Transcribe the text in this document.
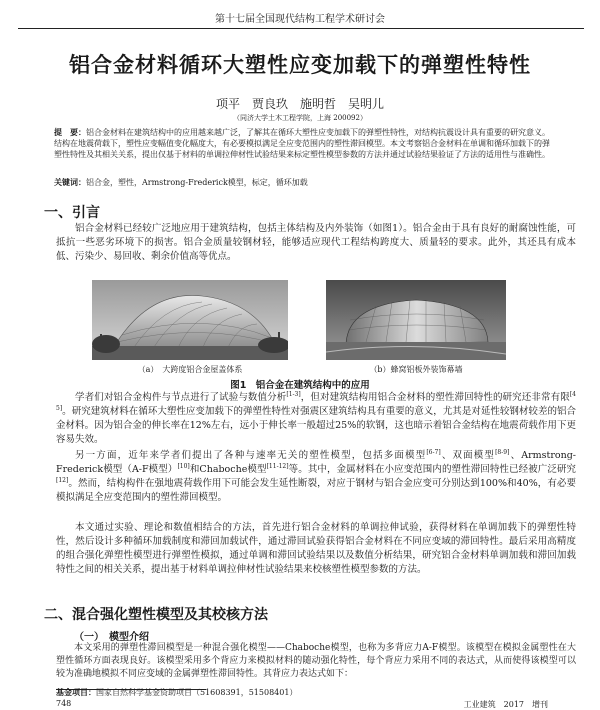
第十七届全国现代结构工程学术研讨会
铝合金材料循环大塑性应变加载下的弹塑性特性
项平　贾良玖　施明哲　吴明儿
（同济大学土木工程学院，上海 200092）

提　要：铝合金材料在建筑结构中的应用越来越广泛，了解其在循环大塑性应变加载下的弹塑性特性，对结构抗震设计具有重要的研究意义。结构在地震荷载下，塑性应变幅值变化幅度大，有必要模拟满足全应变范围内的塑性滞回模型。本文考察铝合金材料在单调和循环加载下的弹塑性特性及其相关关系，提出仅基于材料的单调拉伸材性试验结果来标定塑性模型参数的方法并通过试验结果验证了方法的适用性与准确性。

关键词：铝合金，塑性，Armstrong-Frederick模型，标定，循环加载
一、引言

铝合金材料已经较广泛地应用于建筑结构，包括主体结构及内外装饰（如图1）。铝合金由于具有良好的耐腐蚀性能，可抵抗一些恶劣环境下的损害。铝合金质量较钢材轻，能够适应现代工程结构跨度大、质量轻的要求。此外，其还具有成本低、污染少、易回收、剩余价值高等优点。

（a）　大跨度铝合金屋盖体系	（b）蜂窝铝板外装饰幕墙
图1　铝合金在建筑结构中的应用

学者们对铝合金构件与节点进行了试验与数值分析[1-3]，但对建筑结构用铝合金材料的塑性滞回特性的研究还非常有限[4 5]。研究建筑材料在循环大塑性应变加载下的弹塑性特性对强震区建筑结构具有重要的意义，尤其是对延性较钢材较差的铝合金材料。因为铝合金的伸长率在12%左右，远小于伸长率一般超过25%的软钢，这也暗示着铝合金结构在地震荷载作用下更容易失效。

另一方面，近年来学者们提出了各种与速率无关的塑性模型，包括多面模型[6-7]、双面模型[8-9]、Armstrong-Frederick模型（A-F模型）[10]和Chaboche模型[11-12]等。其中，金属材料在小应变范围内的塑性滞回特性已经被广泛研究[12]。然而，结构构件在强地震荷载作用下可能会发生延性断裂，对应于钢材与铝合金应变可分别达到100%和40%，有必要模拟满足全应变范围内的塑性滞回模型。

本文通过实验、理论和数值相结合的方法，首先进行铝合金材料的单调拉伸试验，获得材料在单调加载下的弹塑性特性，然后设计多种循环加载制度和滞回加载试件，通过滞回试验获得铝合金材料在不同应变域的滞回特性。最后采用高精度的组合强化弹塑性模型进行弹塑性模拟，通过单调和滞回试验结果以及数值分析结果，研究铝合金材料单调加载和滞回加载特性之间的相关关系，提出基于材料单调拉伸材性试验结果来校核塑性模型参数的方法。

二、混合强化塑性模型及其校核方法
（一）　模型介绍

本文采用的弹塑性滞回模型是一种混合强化模型——Chaboche模型，也称为多背应力A-F模型。该模型在模拟金属塑性在大塑性循环方面表现良好。该模型采用多个背应力来模拟材料的随动强化特性，每个背应力采用不同的表达式，从而使得该模型可以较为准确地模拟不同应变域的金属弹塑性滞回特性。其背应力表达式如下：

基金项目：国家自然科学基金资助项目（51608391，51508401）
748	工业建筑　2017　增刊
